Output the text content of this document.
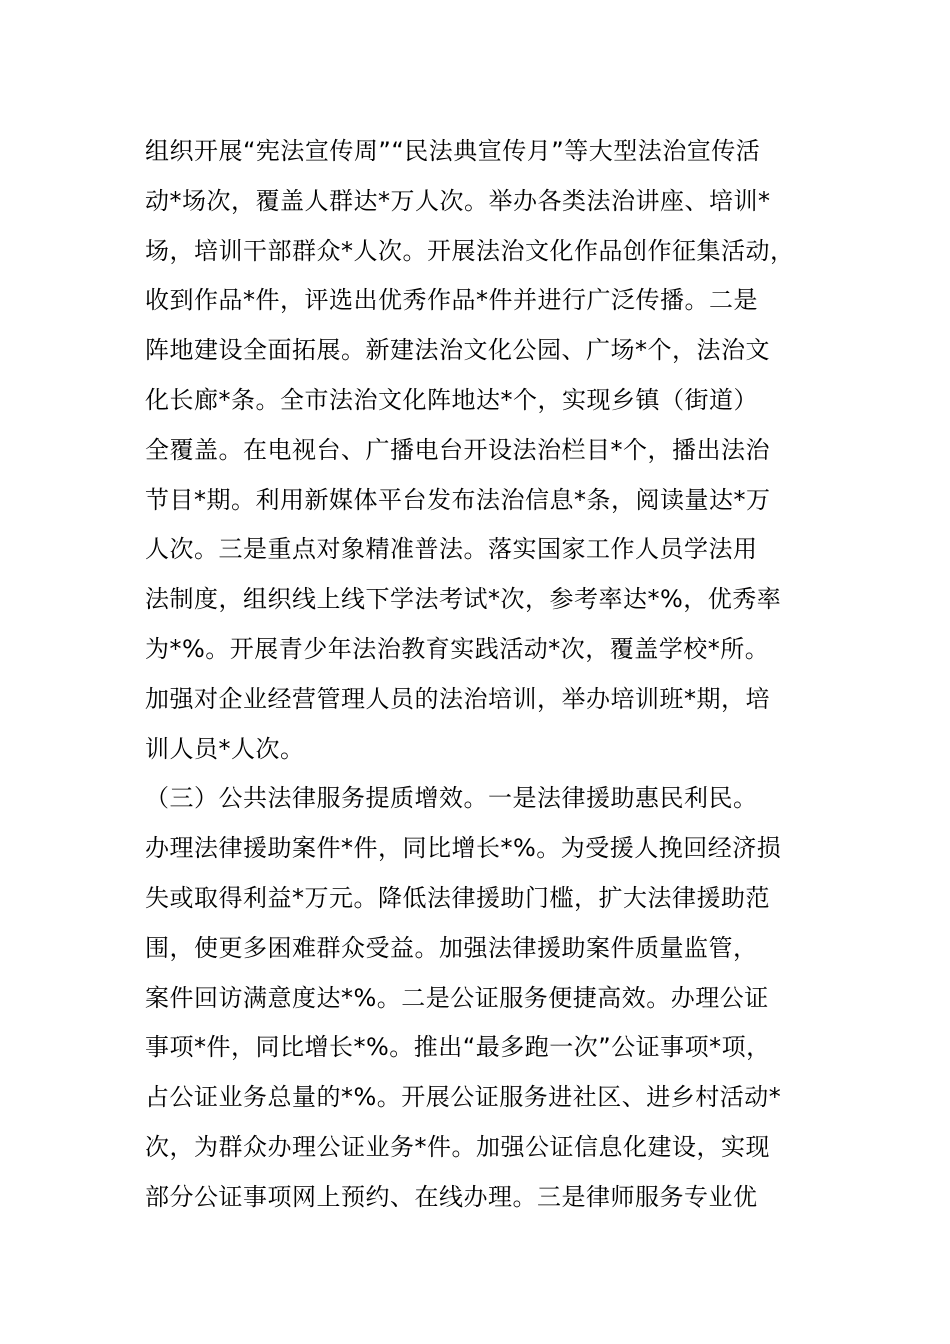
组织开展“宪法宣传周”“民法典宣传月”等大型法治宣传活
动*场次，覆盖人群达*万人次。举办各类法治讲座、培训*
场，培训干部群众*人次。开展法治文化作品创作征集活动，
收到作品*件，评选出优秀作品*件并进行广泛传播。二是
阵地建设全面拓展。新建法治文化公园、广场*个，法治文
化长廊*条。全市法治文化阵地达*个，实现乡镇（街道）
全覆盖。在电视台、广播电台开设法治栏目*个，播出法治
节目*期。利用新媒体平台发布法治信息*条，阅读量达*万
人次。三是重点对象精准普法。落实国家工作人员学法用
法制度，组织线上线下学法考试*次，参考率达*%，优秀率
为*%。开展青少年法治教育实践活动*次，覆盖学校*所。
加强对企业经营管理人员的法治培训，举办培训班*期，培
训人员*人次。
（三）公共法律服务提质增效。一是法律援助惠民利民。
办理法律援助案件*件，同比增长*%。为受援人挽回经济损
失或取得利益*万元。降低法律援助门槛，扩大法律援助范
围，使更多困难群众受益。加强法律援助案件质量监管，
案件回访满意度达*%。二是公证服务便捷高效。办理公证
事项*件，同比增长*%。推出“最多跑一次”公证事项*项，
占公证业务总量的*%。开展公证服务进社区、进乡村活动*
次，为群众办理公证业务*件。加强公证信息化建设，实现
部分公证事项网上预约、在线办理。三是律师服务专业优
